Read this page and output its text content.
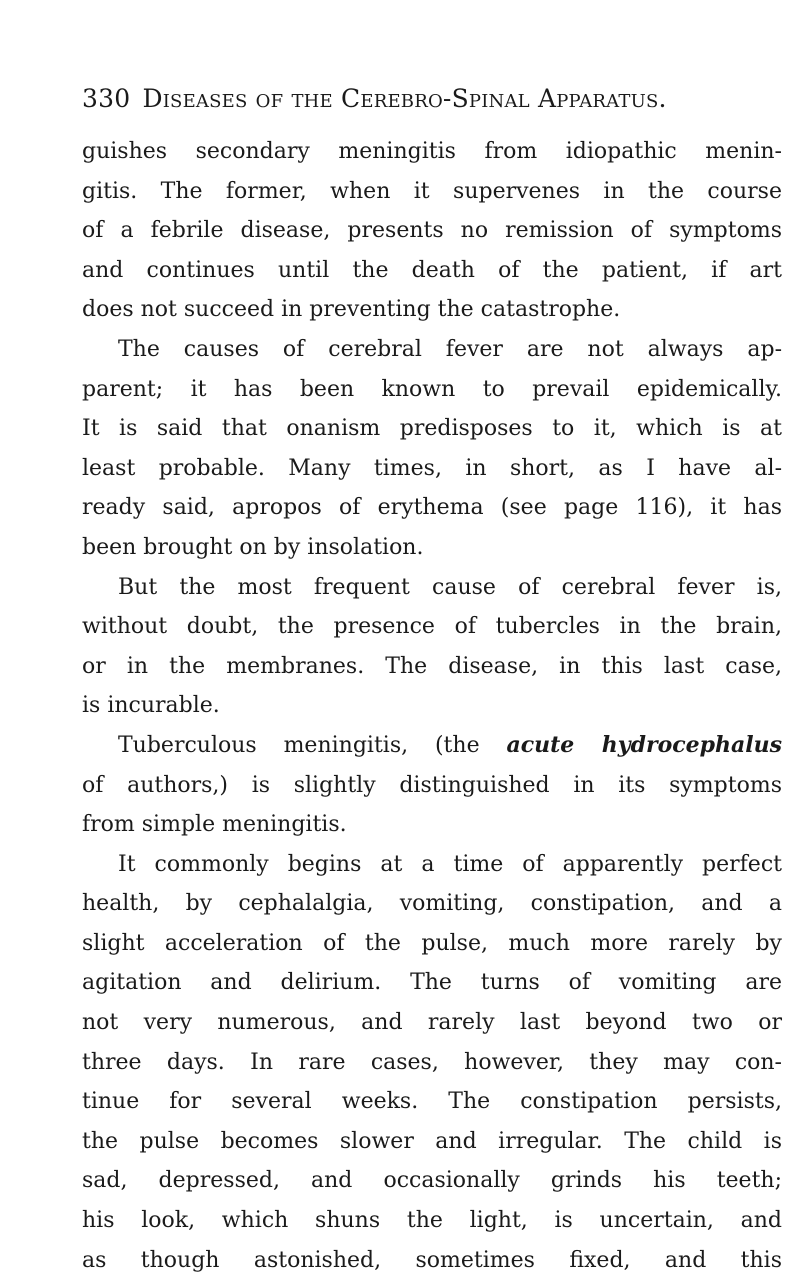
330 Diseases of the Cerebro-Spinal Apparatus.
guishes secondary meningitis from idiopathic menin-
gitis. The former, when it supervenes in the course
of a febrile disease, presents no remission of symptoms
and continues until the death of the patient, if art
does not succeed in preventing the catastrophe.
The causes of cerebral fever are not always ap-
parent; it has been known to prevail epidemically.
It is said that onanism predisposes to it, which is at
least probable. Many times, in short, as I have al-
ready said, apropos of erythema (see page 116), it has
been brought on by insolation.
But the most frequent cause of cerebral fever is,
without doubt, the presence of tubercles in the brain,
or in the membranes. The disease, in this last case,
is incurable.
Tuberculous meningitis, (the acute hydrocephalus
of authors,) is slightly distinguished in its symptoms
from simple meningitis.
It commonly begins at a time of apparently perfect
health, by cephalalgia, vomiting, constipation, and a
slight acceleration of the pulse, much more rarely by
agitation and delirium. The turns of vomiting are
not very numerous, and rarely last beyond two or
three days. In rare cases, however, they may con-
tinue for several weeks. The constipation persists,
the pulse becomes slower and irregular. The child is
sad, depressed, and occasionally grinds his teeth;
his look, which shuns the light, is uncertain, and
as though astonished, sometimes fixed, and this
